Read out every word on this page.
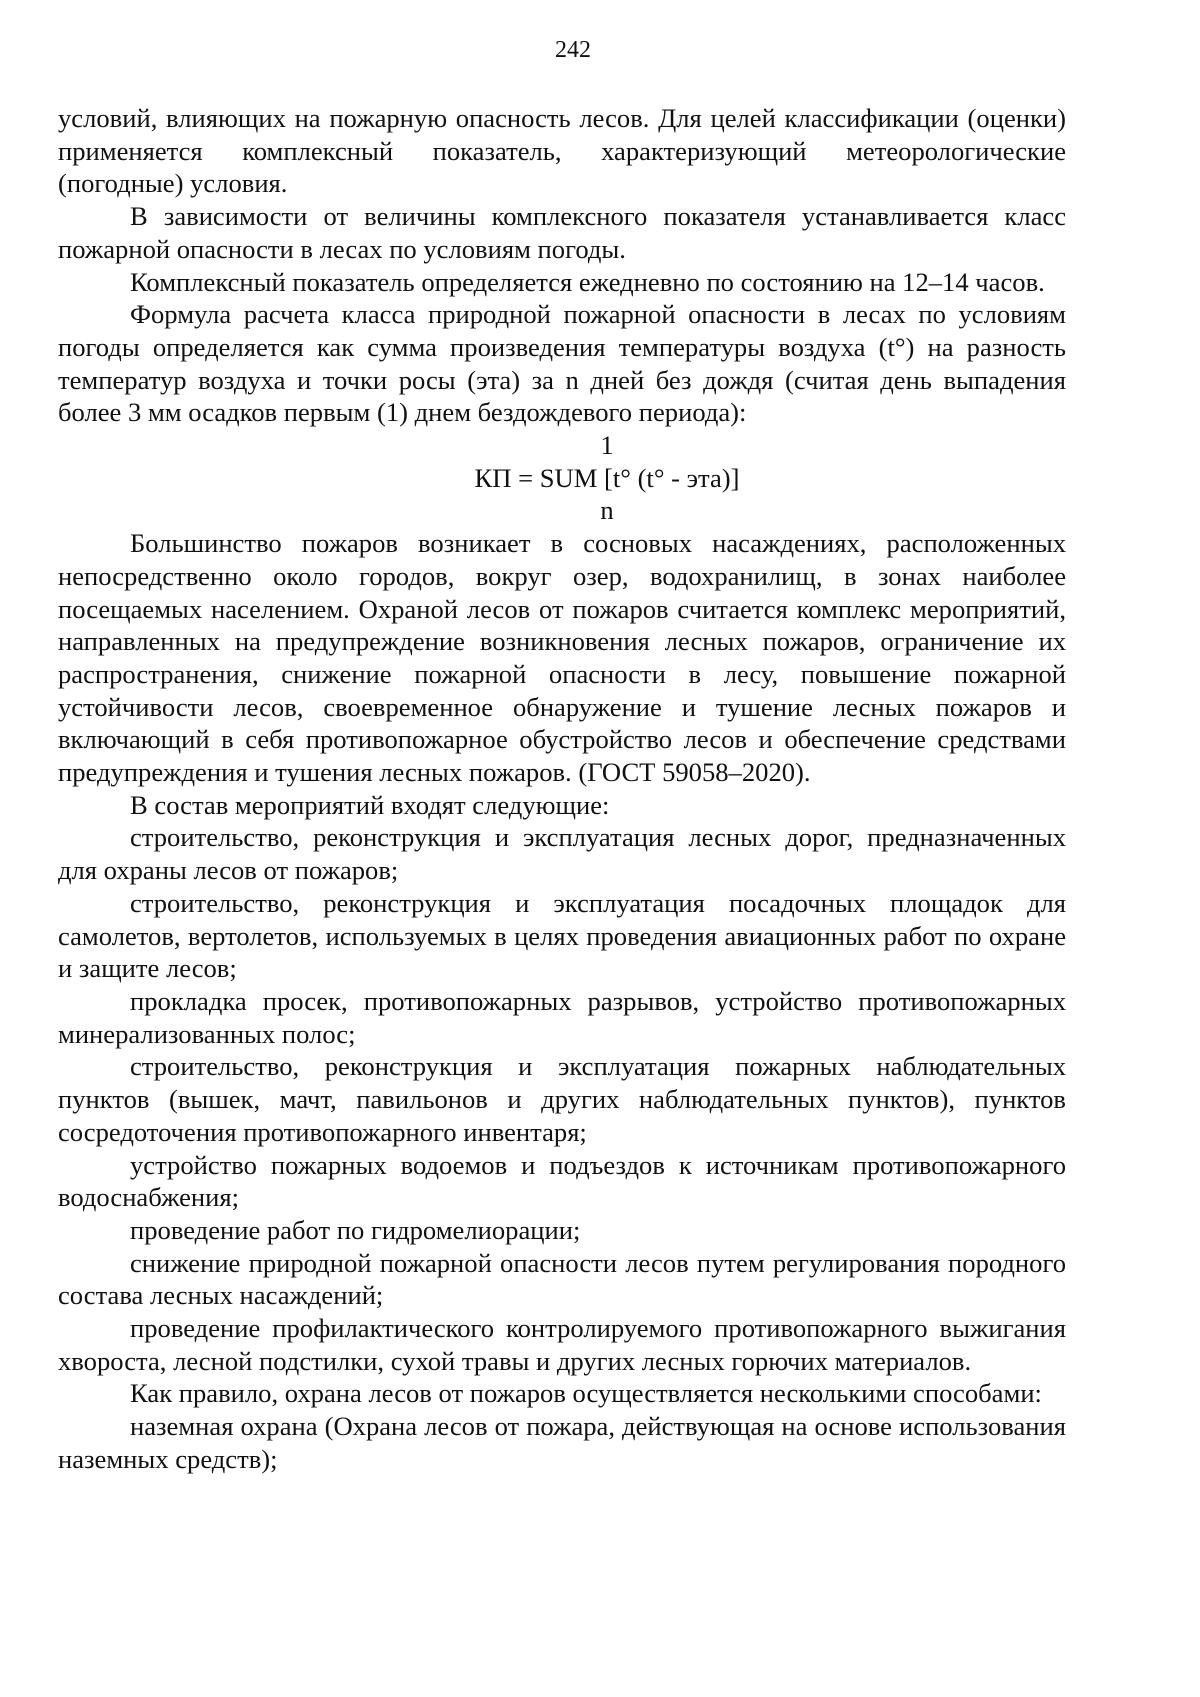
242

условий, влияющих на пожарную опасность лесов. Для целей классификации (оценки) применяется комплексный показатель, характеризующий метеорологические (погодные) условия.

В зависимости от величины комплексного показателя устанавливается класс пожарной опасности в лесах по условиям погоды.

Комплексный показатель определяется ежедневно по состоянию на 12–14 часов.

Формула расчета класса природной пожарной опасности в лесах по условиям погоды определяется как сумма произведения температуры воздуха (t°) на разность температур воздуха и точки росы (эта) за n дней без дождя (считая день выпадения более 3 мм осадков первым (1) днем бездождевого периода):

1
КП = SUM [t° (t° - эта)]
n

Большинство пожаров возникает в сосновых насаждениях, расположенных непосредственно около городов, вокруг озер, водохранилищ, в зонах наиболее посещаемых населением. Охраной лесов от пожаров считается комплекс мероприятий, направленных на предупреждение возникновения лесных пожаров, ограничение их распространения, снижение пожарной опасности в лесу, повышение пожарной устойчивости лесов, своевременное обнаружение и тушение лесных пожаров и включающий в себя противопожарное обустройство лесов и обеспечение средствами предупреждения и тушения лесных пожаров. (ГОСТ 59058–2020).

В состав мероприятий входят следующие:

строительство, реконструкция и эксплуатация лесных дорог, предназначенных для охраны лесов от пожаров;

строительство, реконструкция и эксплуатация посадочных площадок для самолетов, вертолетов, используемых в целях проведения авиационных работ по охране и защите лесов;

прокладка просек, противопожарных разрывов, устройство противопожарных минерализованных полос;

строительство, реконструкция и эксплуатация пожарных наблюдательных пунктов (вышек, мачт, павильонов и других наблюдательных пунктов), пунктов сосредоточения противопожарного инвентаря;

устройство пожарных водоемов и подъездов к источникам противопожарного водоснабжения;

проведение работ по гидромелиорации;

снижение природной пожарной опасности лесов путем регулирования породного состава лесных насаждений;

проведение профилактического контролируемого противопожарного выжигания хвороста, лесной подстилки, сухой травы и других лесных горючих материалов.

Как правило, охрана лесов от пожаров осуществляется несколькими способами:

наземная охрана (Охрана лесов от пожара, действующая на основе использования наземных средств);
